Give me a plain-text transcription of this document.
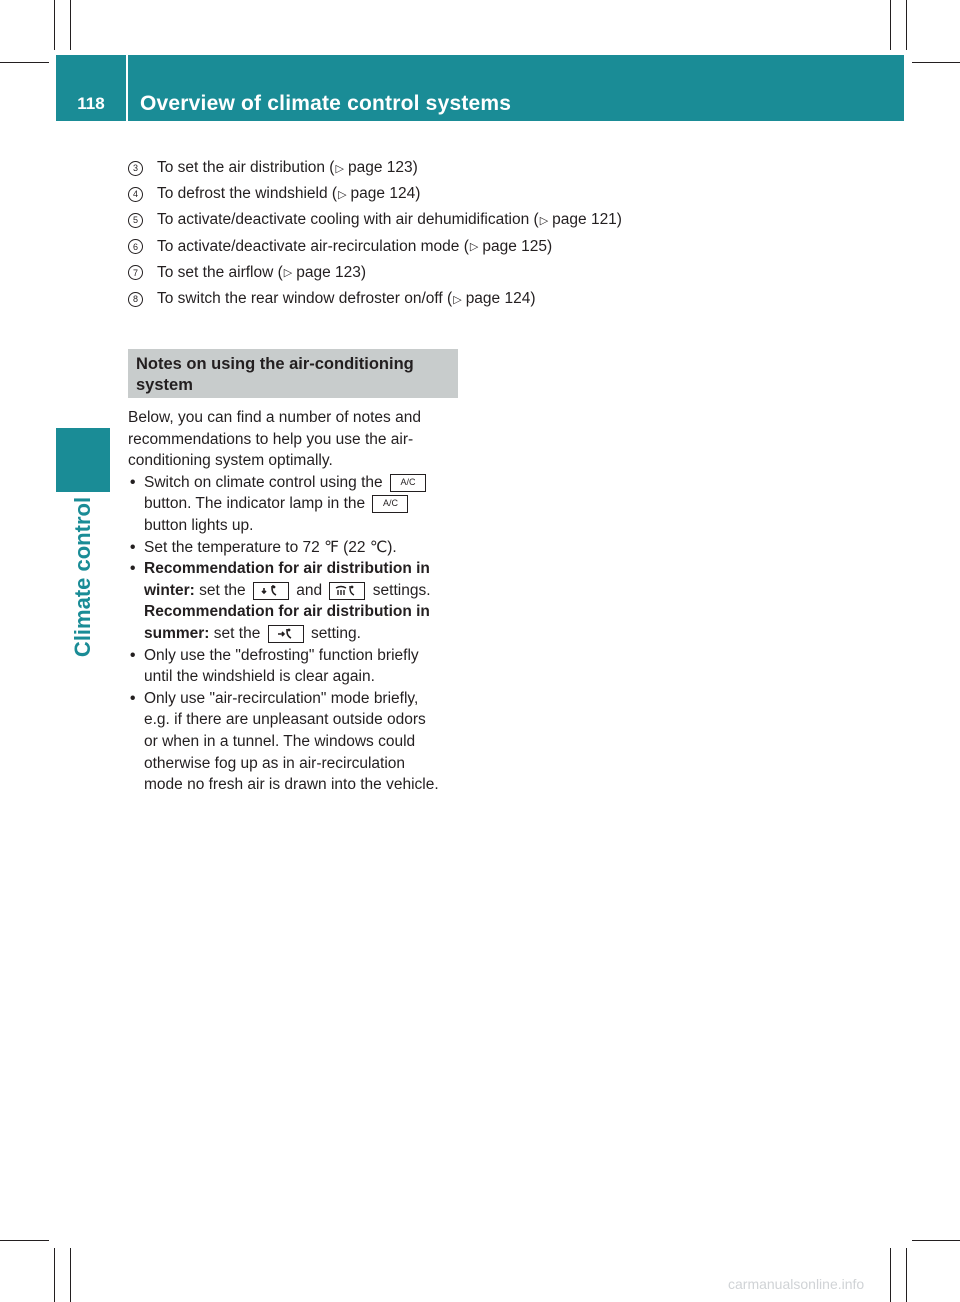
118	Overview of climate control systems
Climate control
3	To set the air distribution ( ▷ page 123)
4	To defrost the windshield ( ▷ page 124)
5	To activate/deactivate cooling with air dehumidification ( ▷ page 121)
6	To activate/deactivate air-recirculation mode ( ▷ page 125)
7	To set the airflow ( ▷ page 123)
8	To switch the rear window defroster on/off ( ▷ page 124)
Notes on using the air-conditioning
system
Below, you can find a number of notes and
recommendations to help you use the air-
conditioning system optimally.
• Switch on climate control using the A/C
button. The indicator lamp in the A/C
button lights up.
• Set the temperature to 72 ℉ (22 ℃).
• Recommendation for air distribution in
winter: set the	and	settings.
Recommendation for air distribution in
summer: set the	setting.
• Only use the "defrosting" function briefly
until the windshield is clear again.
• Only use "air-recirculation" mode briefly,
e.g. if there are unpleasant outside odors
or when in a tunnel. The windows could
otherwise fog up as in air-recirculation
mode no fresh air is drawn into the vehicle.
carmanualsonline.info
